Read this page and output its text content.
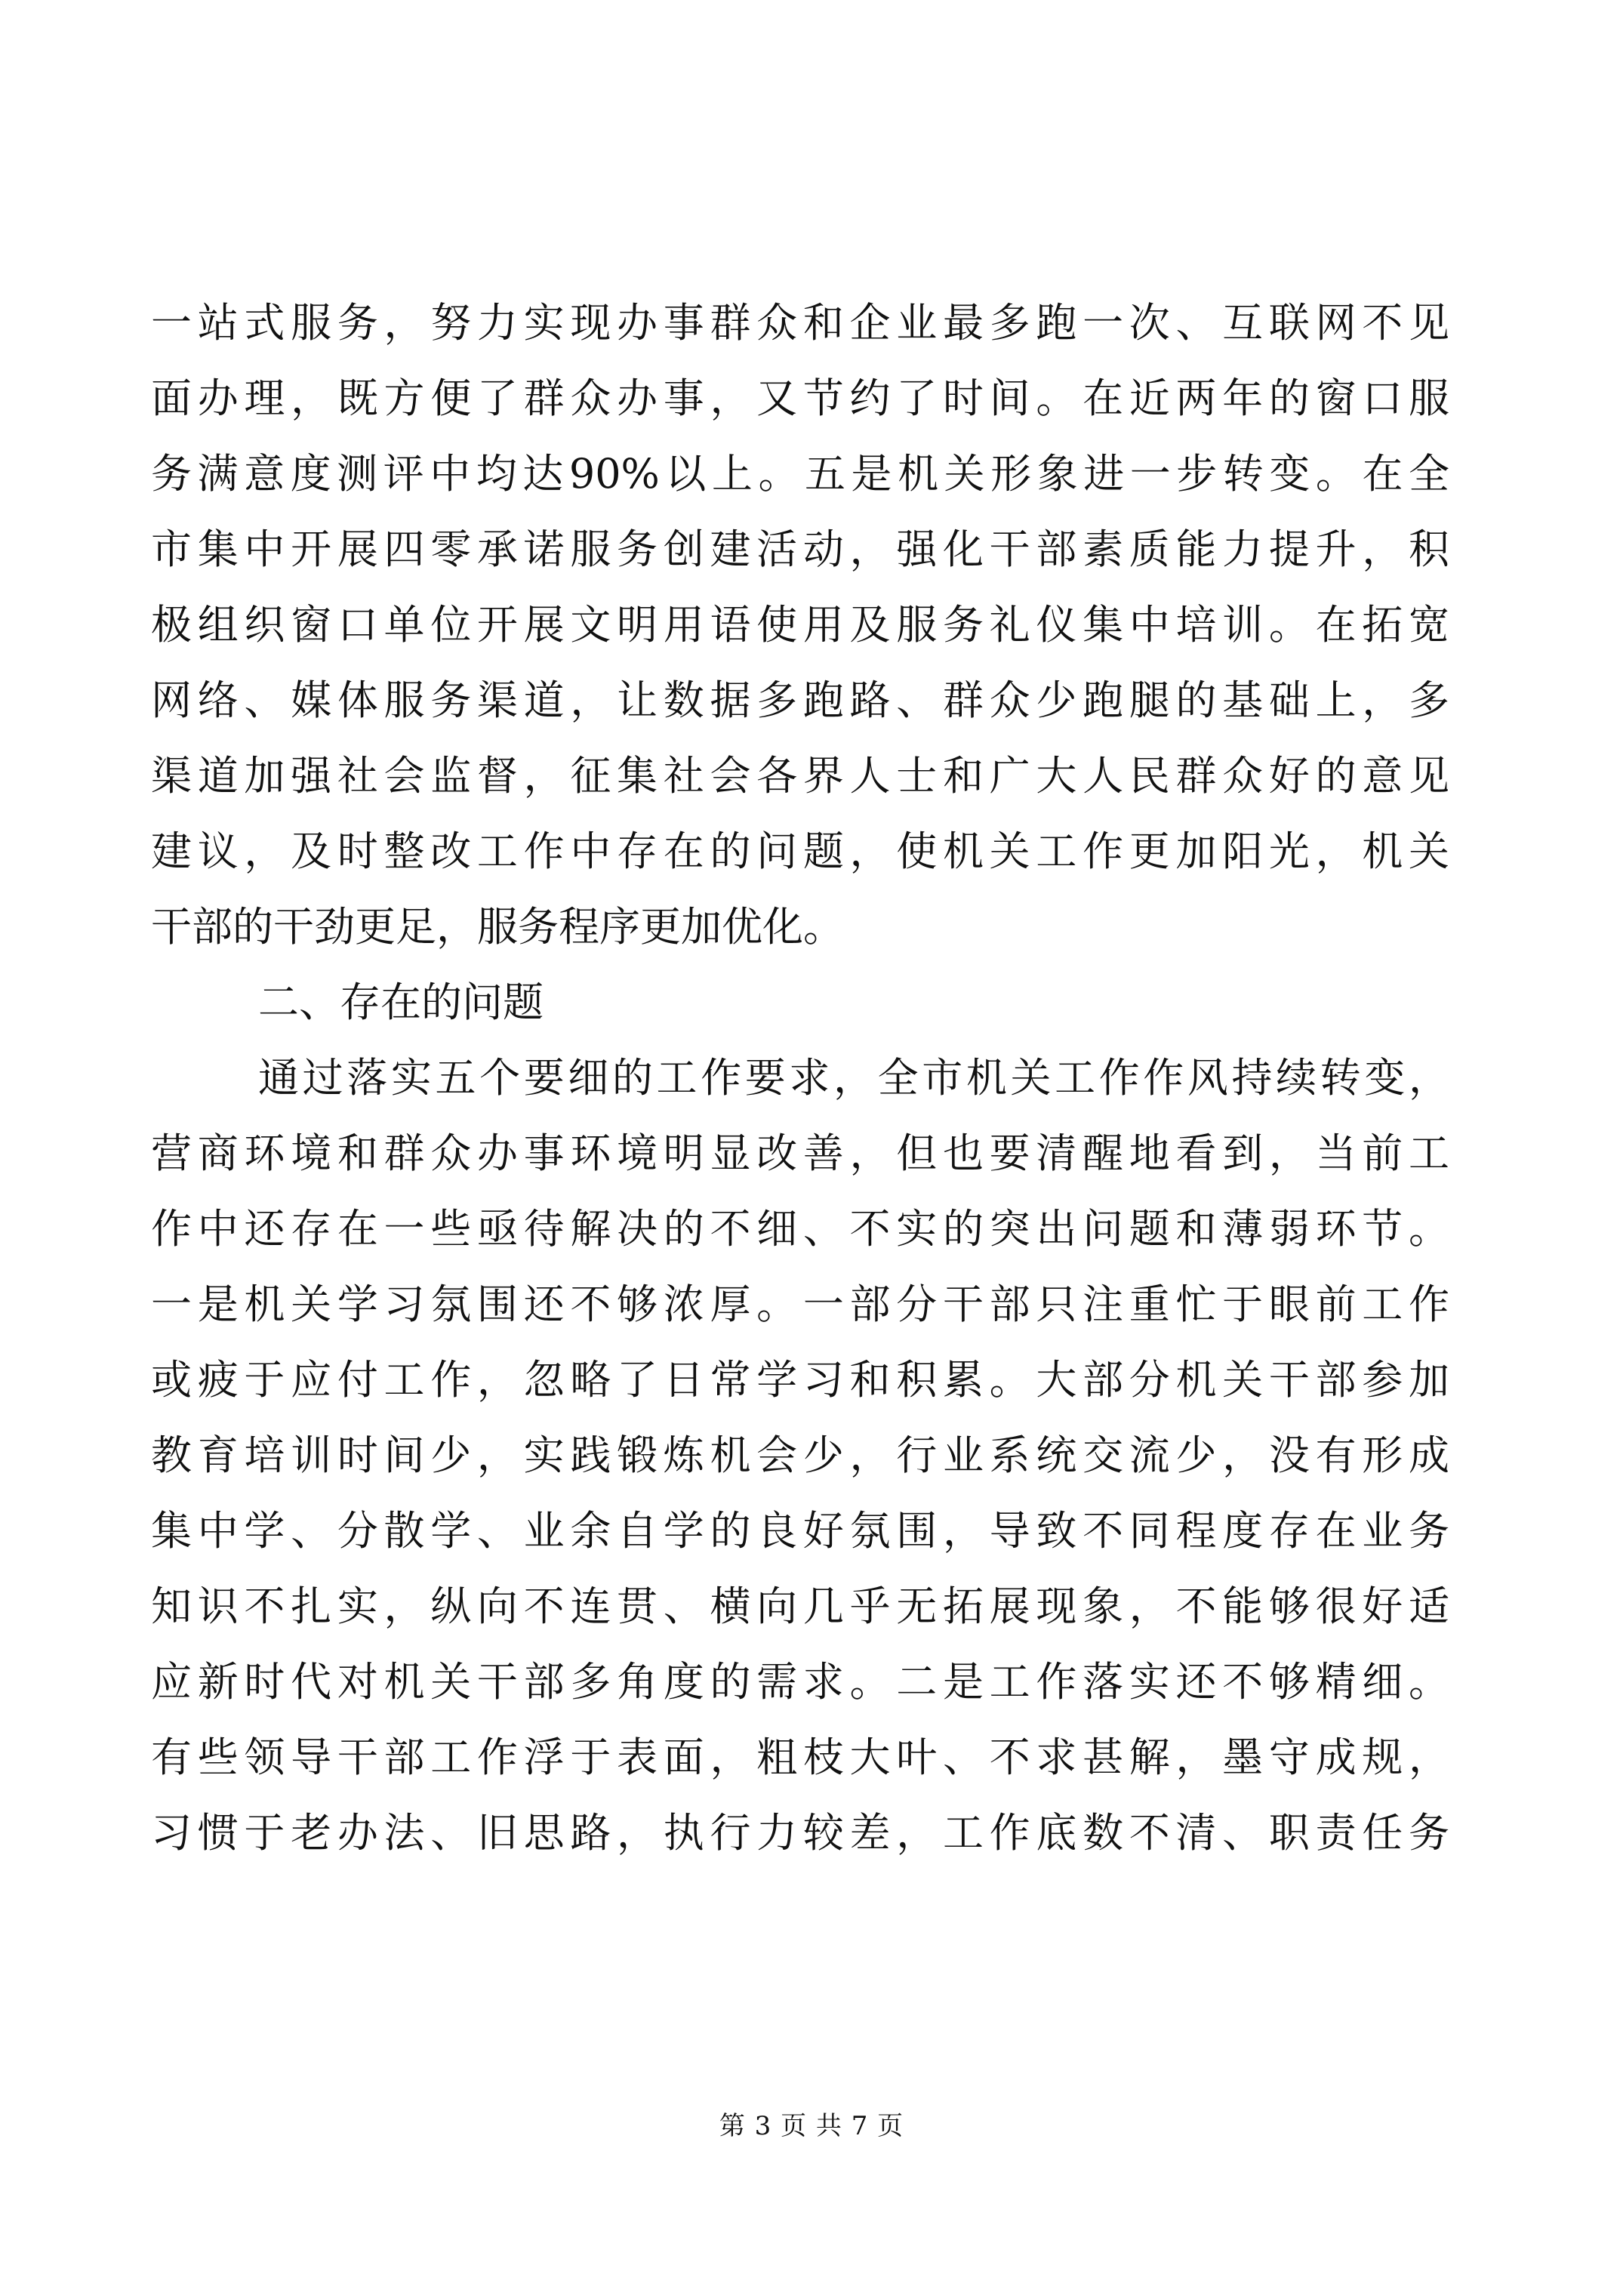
一站式服务，努力实现办事群众和企业最多跑一次、互联网不见
面办理，既方便了群众办事，又节约了时间。在近两年的窗口服
务满意度测评中均达90%以上。五是机关形象进一步转变。在全
市集中开展四零承诺服务创建活动，强化干部素质能力提升，积
极组织窗口单位开展文明用语使用及服务礼仪集中培训。在拓宽
网络、媒体服务渠道，让数据多跑路、群众少跑腿的基础上，多
渠道加强社会监督，征集社会各界人士和广大人民群众好的意见
建议，及时整改工作中存在的问题，使机关工作更加阳光，机关
干部的干劲更足，服务程序更加优化。
二、存在的问题
通过落实五个要细的工作要求，全市机关工作作风持续转变，
营商环境和群众办事环境明显改善，但也要清醒地看到，当前工
作中还存在一些亟待解决的不细、不实的突出问题和薄弱环节。
一是机关学习氛围还不够浓厚。一部分干部只注重忙于眼前工作
或疲于应付工作，忽略了日常学习和积累。大部分机关干部参加
教育培训时间少，实践锻炼机会少，行业系统交流少，没有形成
集中学、分散学、业余自学的良好氛围，导致不同程度存在业务
知识不扎实，纵向不连贯、横向几乎无拓展现象，不能够很好适
应新时代对机关干部多角度的需求。二是工作落实还不够精细。
有些领导干部工作浮于表面，粗枝大叶、不求甚解，墨守成规，
习惯于老办法、旧思路，执行力较差，工作底数不清、职责任务
第 3 页 共 7 页
